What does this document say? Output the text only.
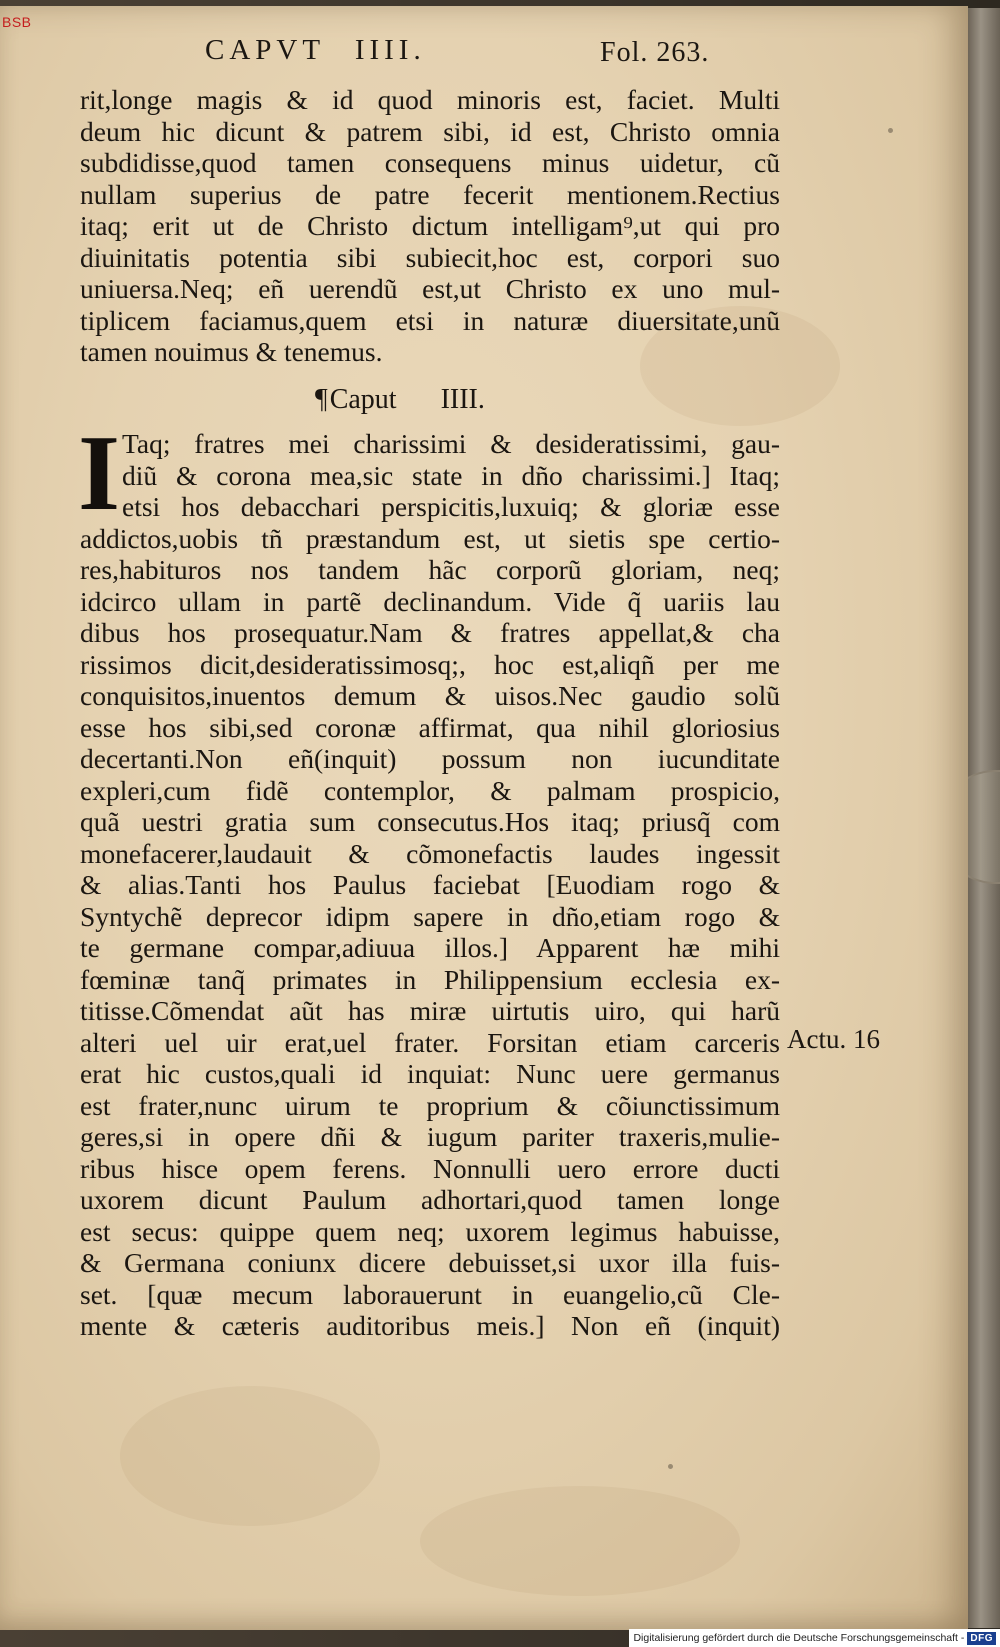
BSB
CAPVT IIII.	Fol. 263.
rit,longe magis & id quod minoris est, faciet. Multi
deum hic dicunt & patrem sibi, id est, Christo omnia
subdidisse,quod tamen consequens minus uidetur, cũ
nullam superius de patre fecerit mentionem.Rectius
itaq; erit ut de Christo dictum intelligam⁹,ut qui pro
diuinitatis potentia sibi subiecit,hoc est, corpori suo
uniuersa.Neq; eñ uerendũ est,ut Christo ex uno mul-
tiplicem faciamus,quem etsi in naturæ diuersitate,unũ
tamen nouimus & tenemus.
¶Caput IIII.
I Taq; fratres mei charissimi & desideratissimi, gau-
diũ & corona mea,sic state in dño charissimi.] Itaq;
etsi hos debacchari perspicitis,luxuiq; & gloriæ esse
addictos,uobis tñ præstandum est, ut sietis spe certio-
res,habituros nos tandem hãc corporũ gloriam, neq;
idcirco ullam in partẽ declinandum. Vide q̃ uariis lau
dibus hos prosequatur.Nam & fratres appellat,& cha
rissimos dicit,desideratissimosq;, hoc est,aliqñ per me
conquisitos,inuentos demum & uisos.Nec gaudio solũ
esse hos sibi,sed coronæ affirmat, qua nihil gloriosius
decertanti.Non eñ(inquit) possum non iucunditate
expleri,cum fidẽ contemplor, & palmam prospicio,
quã uestri gratia sum consecutus.Hos itaq; priusq̃ com
monefacerer,laudauit & cõmonefactis laudes ingessit
& alias.Tanti hos Paulus faciebat [Euodiam rogo &
Syntychẽ deprecor idipm sapere in dño,etiam rogo &
te germane compar,adiuua illos.] Apparent hæ mihi
fœminæ tanq̃ primates in Philippensium ecclesia ex-
titisse.Cõmendat aũt has miræ uirtutis uiro, qui harũ
alteri uel uir erat,uel frater. Forsitan etiam carceris
erat hic custos,quali id inquiat: Nunc uere germanus
est frater,nunc uirum te proprium & cõiunctissimum
geres,si in opere dñi & iugum pariter traxeris,mulie-
ribus hisce opem ferens. Nonnulli uero errore ducti
uxorem dicunt Paulum adhortari,quod tamen longe
est secus: quippe quem neq; uxorem legimus habuisse,
& Germana coniunx dicere debuisset,si uxor illa fuis-
set. [quæ mecum laborauerunt in euangelio,cũ Cle-
mente & cæteris auditoribus meis.] Non eñ (inquit)
Actu. 16
Digitalisierung gefördert durch die Deutsche Forschungsgemeinschaft - DFG
